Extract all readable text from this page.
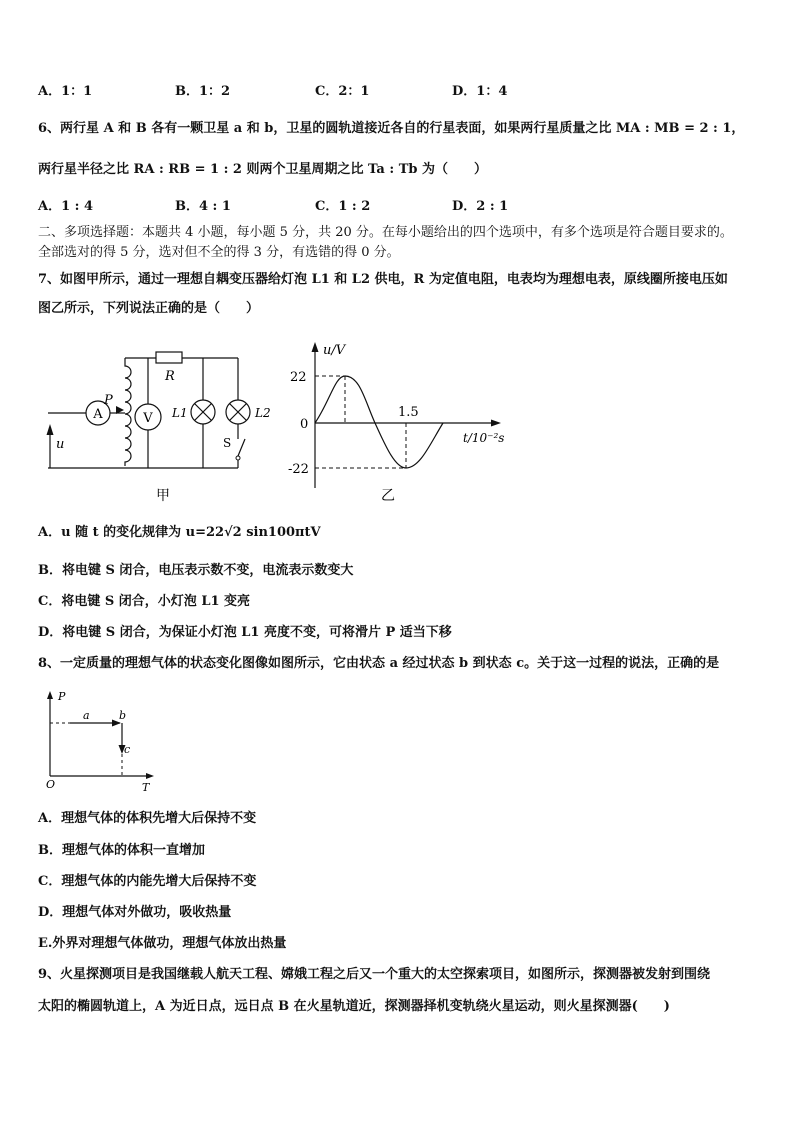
A．1：1	B．1：2	C．2：1	D．1：4
6、两行星 A 和 B 各有一颗卫星 a 和 b，卫星的圆轨道接近各自的行星表面，如果两行星质量之比 MA : MB = 2 : 1，
两行星半径之比 RA : RB = 1 : 2 则两个卫星周期之比 Ta : Tb 为（　　）
A．1 : 4	B．4 : 1	C．1 : 2	D．2 : 1
二、多项选择题：本题共 4 小题，每小题 5 分，共 20 分。在每小题给出的四个选项中，有多个选项是符合题目要求的。
全部选对的得 5 分，选对但不全的得 3 分，有选错的得 0 分。
7、如图甲所示，通过一理想自耦变压器给灯泡 L1 和 L2 供电，R 为定值电阻，电表均为理想电表，原线圈所接电压如
图乙所示，下列说法正确的是（　　）
A	V
R
P
u
L1	L2
S
甲
u/V
t/10⁻²s
22
0
-22
1.5
乙
A．u 随 t 的变化规律为 u=22√2 sin100πtV
B．将电键 S 闭合，电压表示数不变，电流表示数变大
C．将电键 S 闭合，小灯泡 L1 变亮
D．将电键 S 闭合，为保证小灯泡 L1 亮度不变，可将滑片 P 适当下移
8、一定质量的理想气体的状态变化图像如图所示，它由状态 a 经过状态 b 到状态 c。关于这一过程的说法，正确的是
P
T
O
a	b
c
A．理想气体的体积先增大后保持不变
B．理想气体的体积一直增加
C．理想气体的内能先增大后保持不变
D．理想气体对外做功，吸收热量
E.外界对理想气体做功，理想气体放出热量
9、火星探测项目是我国继载人航天工程、嫦娥工程之后又一个重大的太空探索项目，如图所示，探测器被发射到围绕
太阳的椭圆轨道上，A 为近日点，远日点 B 在火星轨道近，探测器择机变轨绕火星运动，则火星探测器(　　)
